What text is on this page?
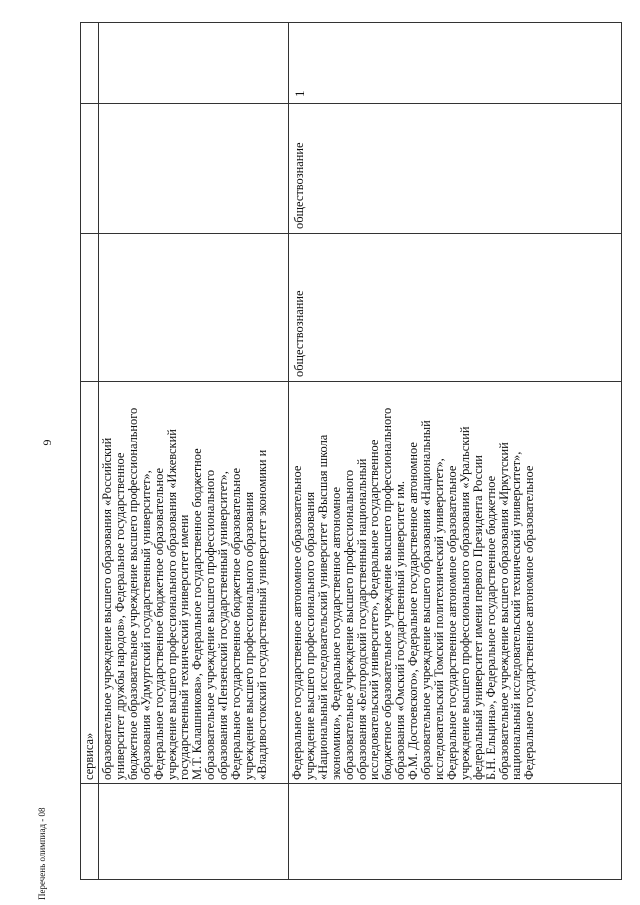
6
Перечень олимпиад - 08

сервиса» образовательное учреждение высшего образования «Российский

университет дружбы народов», Федеральное государственное

бюджетное образовательное учреждение высшего профессионального

образования «Удмуртский государственный университет»,

Федеральное государственное бюджетное образовательное

учреждение высшего профессионального образования «Ижевский

государственный технический университет имени

М.Т. Калашникова», Федеральное государственное бюджетное

образовательное учреждение высшего профессионального

образования «Пензенский государственный университет»,

Федеральное государственное бюджетное образовательное

учреждение высшего профессионального образования

«Владивостокский государственный университет экономики и Федеральное государственное автономное образовательное

учреждение высшего профессионального образования

«Национальный исследовательский университет «Высшая школа

экономики», Федеральное государственное автономное

образовательное учреждение высшего профессионального

образования «Белгородский государственный национальный

исследовательский университет», Федеральное государственное

бюджетное образовательное учреждение высшего профессионального

образования «Омский государственный университет им.

Ф.М. Достоевского», Федеральное государственное автономное

образовательное учреждение высшего образования «Национальный

исследовательский Томский политехнический университет»,

Федеральное государственное автономное образовательное

учреждение высшего профессионального образования «Уральский

федеральный университет имени первого Президента России

Б.Н. Ельцина», Федеральное государственное бюджетное

образовательное учреждение высшего образования «Иркутский

национальный исследовательский технический университет»,

Федеральное государственное автономное образовательное

обществознание
обществознание
1
